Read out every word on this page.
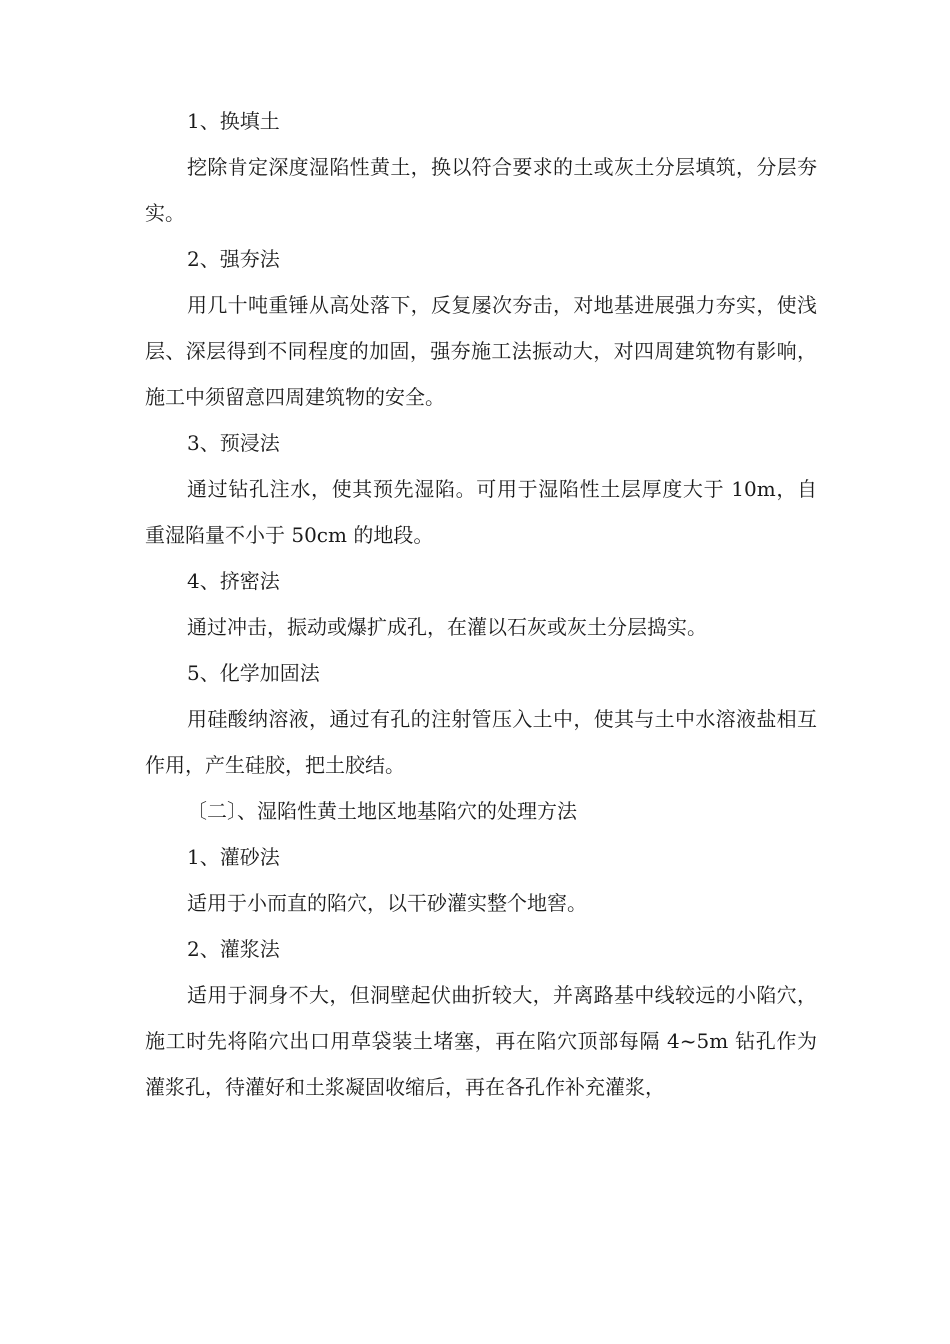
1、换填土

挖除肯定深度湿陷性黄土，换以符合要求的土或灰土分层填筑，分层夯实。

2、强夯法

用几十吨重锤从高处落下，反复屡次夯击，对地基进展强力夯实，使浅层、深层得到不同程度的加固，强夯施工法振动大，对四周建筑物有影响，施工中须留意四周建筑物的安全。

3、预浸法

通过钻孔注水，使其预先湿陷。可用于湿陷性土层厚度大于 10m，自重湿陷量不小于 50cm 的地段。

4、挤密法

通过冲击，振动或爆扩成孔，在灌以石灰或灰土分层捣实。

5、化学加固法

用硅酸纳溶液，通过有孔的注射管压入土中，使其与土中水溶液盐相互作用，产生硅胶，把土胶结。

〔二〕、湿陷性黄土地区地基陷穴的处理方法

1、灌砂法

适用于小而直的陷穴，以干砂灌实整个地窖。

2、灌浆法

适用于洞身不大，但洞壁起伏曲折较大，并离路基中线较远的小陷穴，施工时先将陷穴出口用草袋装土堵塞，再在陷穴顶部每隔 4~5m 钻孔作为灌浆孔，待灌好和土浆凝固收缩后，再在各孔作补充灌浆，
